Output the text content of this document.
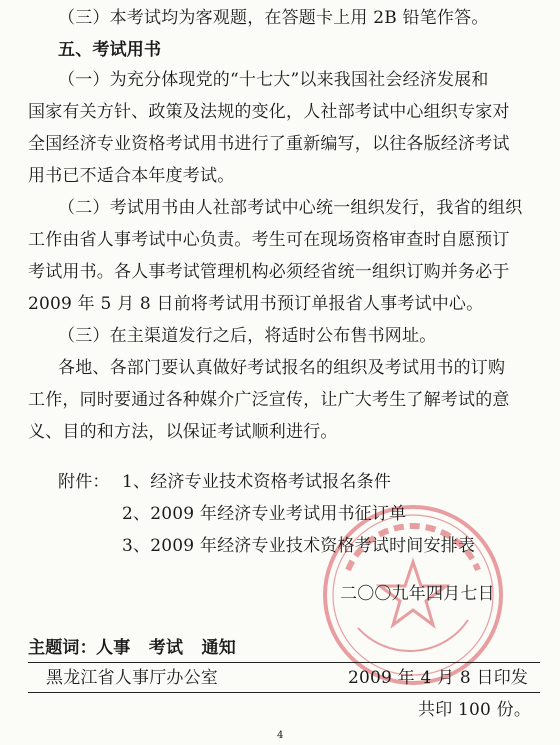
（三）本考试均为客观题，在答题卡上用 2B 铅笔作答。
五、考试用书
（一）为充分体现党的“十七大”以来我国社会经济发展和
国家有关方针、政策及法规的变化，人社部考试中心组织专家对
全国经济专业资格考试用书进行了重新编写，以往各版经济考试
用书已不适合本年度考试。
（二）考试用书由人社部考试中心统一组织发行，我省的组织
工作由省人事考试中心负责。考生可在现场资格审查时自愿预订
考试用书。各人事考试管理机构必须经省统一组织订购并务必于
2009 年 5 月 8 日前将考试用书预订单报省人事考试中心。
（三）在主渠道发行之后，将适时公布售书网址。
各地、各部门要认真做好考试报名的组织及考试用书的订购
工作，同时要通过各种媒介广泛宣传，让广大考生了解考试的意
义、目的和方法，以保证考试顺利进行。
附件： 1、经济专业技术资格考试报名条件
2、2009 年经济专业考试用书征订单
3、2009 年经济专业技术资格考试时间安排表
二〇〇九年四月七日
主题词： 人事   考试   通知
黑龙江省人事厅办公室	2009 年 4 月 8 日印发
共印 100 份。
4
